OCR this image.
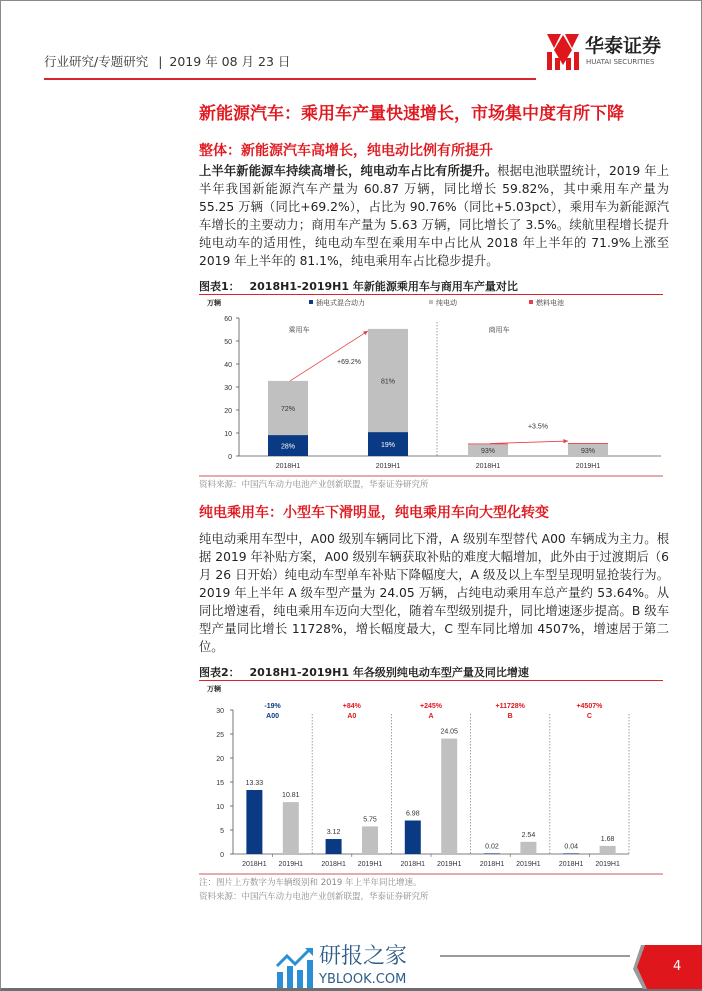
行业研究/专题研究 | 2019 年 08 月 23 日
华泰证券
HUATAI SECURITIES
新能源汽车：乘用车产量快速增长，市场集中度有所下降
整体：新能源汽车高增长，纯电动比例有所提升
上半年新能源车持续高增长，纯电动车占比有所提升。根据电池联盟统计，2019 年上半年我国新能源汽车产量为 60.87 万辆，同比增长 59.82%，其中乘用车产量为 55.25 万辆（同比+69.2%），占比为 90.76%（同比+5.03pct），乘用车为新能源汽车增长的主要动力；商用车产量为 5.63 万辆，同比增长了 3.5%。续航里程增长提升纯电动车的适用性，纯电动车型在乘用车中占比从 2018 年上半年的 71.9%上涨至 2019 年上半年的 81.1%，纯电乘用车占比稳步提升。
图表1： 2018H1-2019H1 年新能源乘用车与商用车产量对比
万辆	插电式混合动力	纯电动	燃料电池
0
10
20
30
40
50
60
乘用车
28%
72%
2018H1
19%
81%
2019H1
+69.2%
商用车
93%
2018H1
93%
2019H1
+3.5%
资料来源：中国汽车动力电池产业创新联盟，华泰证券研究所
纯电乘用车：小型车下滑明显，纯电乘用车向大型化转变
纯电动乘用车型中，A00 级别车辆同比下滑，A 级别车型替代 A00 车辆成为主力。根据 2019 年补贴方案，A00 级别车辆获取补贴的难度大幅增加，此外由于过渡期后（6 月 26 日开始）纯电动车型单车补贴下降幅度大，A 级及以上车型呈现明显抢装行为。2019 年上半年 A 级车型产量为 24.05 万辆，占纯电动乘用车总产量约 53.64%。从同比增速看，纯电乘用车迈向大型化，随着车型级别提升，同比增速逐步提高。B 级车型产量同比增长 11728%，增长幅度最大，C 型车同比增加 4507%，增速居于第二位。
图表2： 2018H1-2019H1 年各级别纯电动车型产量及同比增速
万辆
0
5
10
15
20
25
30
-19%
A00
13.33
2018H1
10.81
2019H1
+84%
A0
3.12
2018H1
5.75
2019H1
+245%
A
6.98
2018H1
24.05
2019H1
+11728%
B
0.02
2018H1
2.54
2019H1
+4507%
C
0.04
2018H1
1.68
2019H1
注：图片上方数字为车辆级别和 2019 年上半年同比增速。
资料来源：中国汽车动力电池产业创新联盟，华泰证券研究所
研报之家
YBLOOK.COM
4
